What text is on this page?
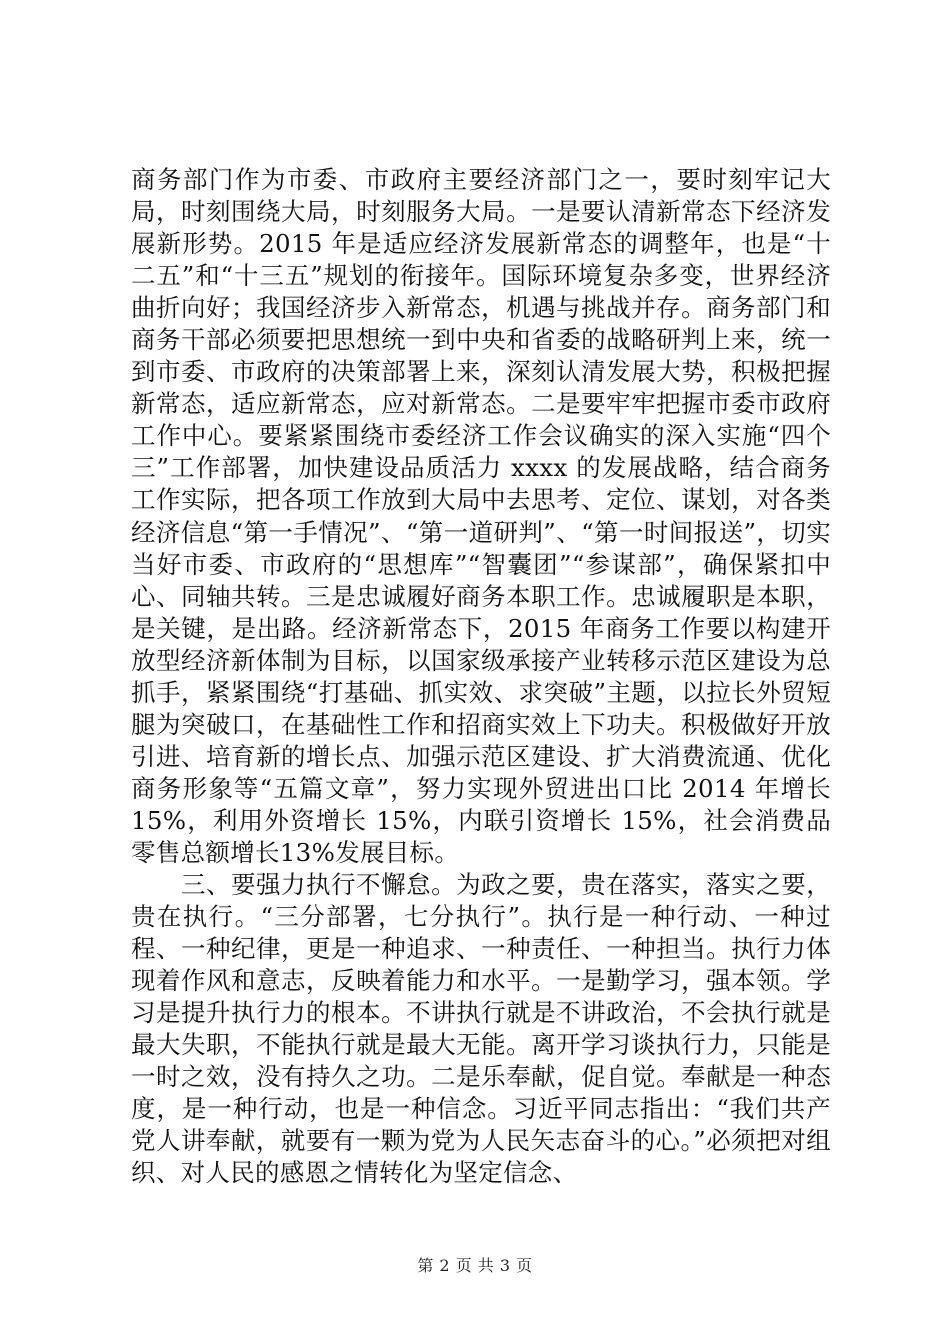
商务部门作为市委、市政府主要经济部门之一，要时刻牢记大局，时刻围绕大局，时刻服务大局。一是要认清新常态下经济发展新形势。2015 年是适应经济发展新常态的调整年，也是“十二五”和“十三五”规划的衔接年。国际环境复杂多变，世界经济曲折向好；我国经济步入新常态，机遇与挑战并存。商务部门和商务干部必须要把思想统一到中央和省委的战略研判上来，统一到市委、市政府的决策部署上来，深刻认清发展大势，积极把握新常态，适应新常态，应对新常态。二是要牢牢把握市委市政府工作中心。要紧紧围绕市委经济工作会议确实的深入实施“四个三”工作部署，加快建设品质活力 xxxx 的发展战略，结合商务工作实际，把各项工作放到大局中去思考、定位、谋划，对各类经济信息“第一手情况”、“第一道研判”、“第一时间报送”，切实当好市委、市政府的“思想库”“智囊团”“参谋部”，确保紧扣中心、同轴共转。三是忠诚履好商务本职工作。忠诚履职是本职，是关键，是出路。经济新常态下，2015 年商务工作要以构建开放型经济新体制为目标，以国家级承接产业转移示范区建设为总抓手，紧紧围绕“打基础、抓实效、求突破”主题，以拉长外贸短腿为突破口，在基础性工作和招商实效上下功夫。积极做好开放引进、培育新的增长点、加强示范区建设、扩大消费流通、优化商务形象等“五篇文章”，努力实现外贸进出口比 2014 年增长 15%，利用外资增长 15%，内联引资增长 15%，社会消费品零售总额增长13%发展目标。

三、要强力执行不懈怠。为政之要，贵在落实，落实之要，贵在执行。“三分部署，七分执行”。执行是一种行动、一种过程、一种纪律，更是一种追求、一种责任、一种担当。执行力体现着作风和意志，反映着能力和水平。一是勤学习，强本领。学习是提升执行力的根本。不讲执行就是不讲政治，不会执行就是最大失职，不能执行就是最大无能。离开学习谈执行力，只能是一时之效，没有持久之功。二是乐奉献，促自觉。奉献是一种态度，是一种行动，也是一种信念。习近平同志指出：“我们共产党人讲奉献，就要有一颗为党为人民矢志奋斗的心。”必须把对组织、对人民的感恩之情转化为坚定信念、

第 2 页 共 3 页
